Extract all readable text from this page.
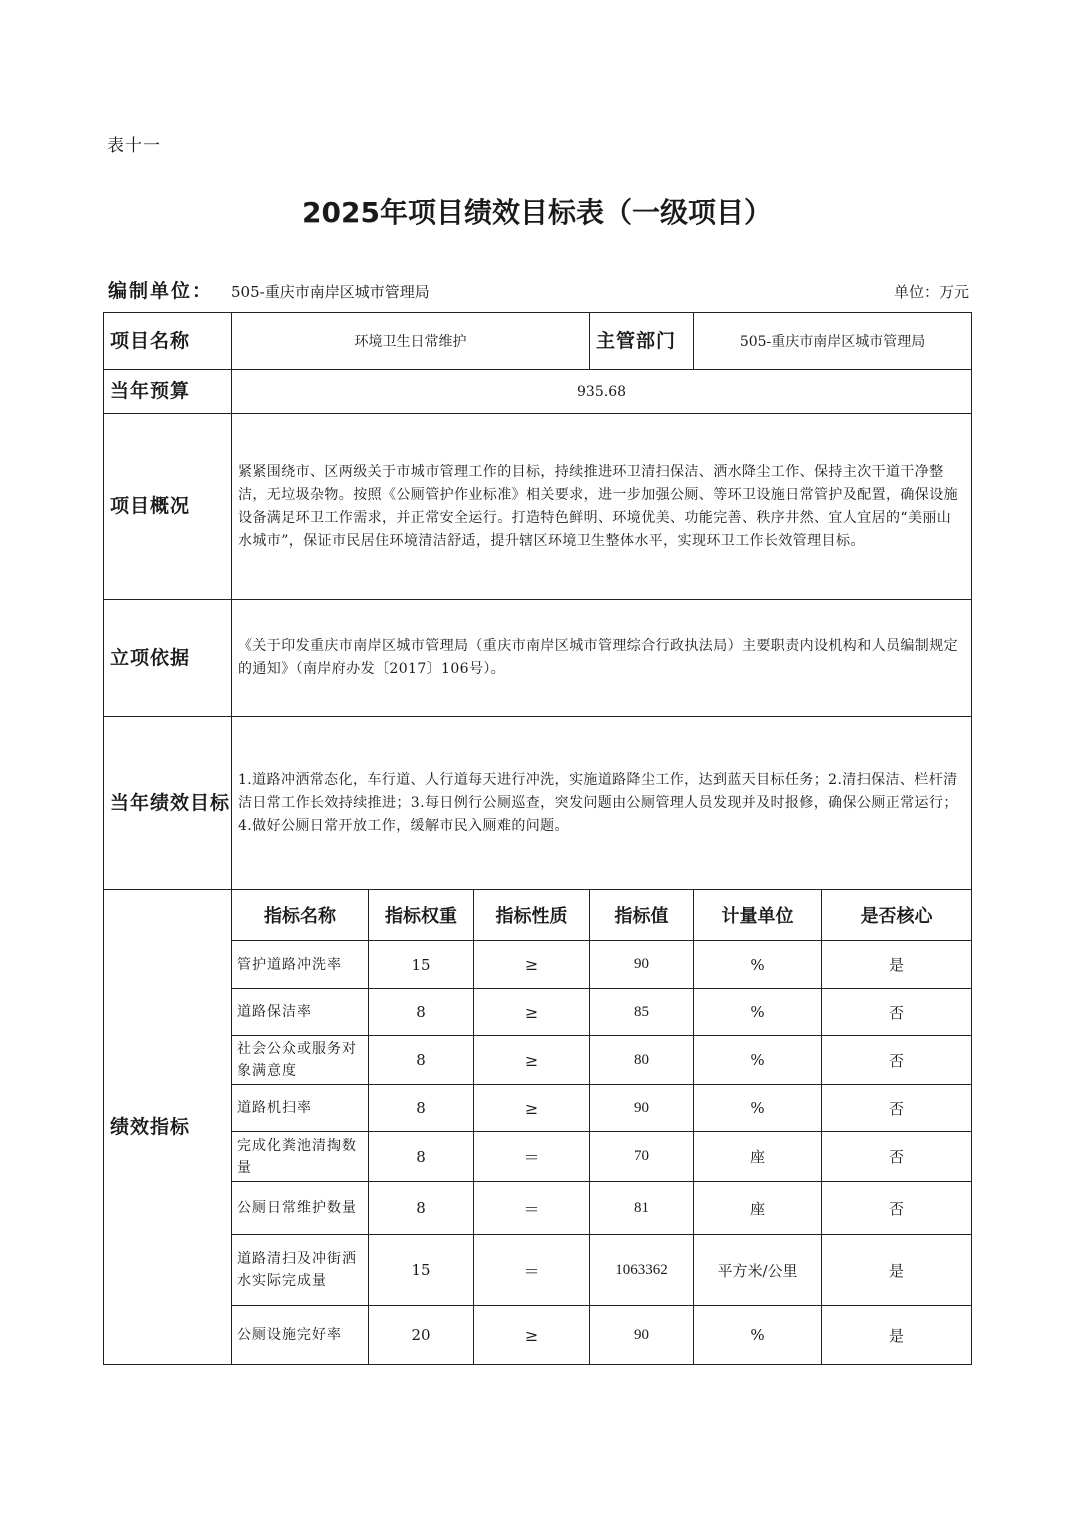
表十一
2025年项目绩效目标表（一级项目）
编制单位： 505-重庆市南岸区城市管理局	单位：万元
项目名称	环境卫生日常维护			主管部门	505-重庆市南岸区城市管理局	
当年预算	935.68					
项目概况	紧紧围绕市、区两级关于市城市管理工作的目标，持续推进环卫清扫保洁、洒水降尘工作、保持主次干道干净整洁，无垃圾杂物。按照《公厕管护作业标准》相关要求，进一步加强公厕、等环卫设施日常管护及配置，确保设施设备满足环卫工作需求，并正常安全运行。打造特色鲜明、环境优美、功能完善、秩序井然、宜人宜居的“美丽山水城市”，保证市民居住环境清洁舒适，提升辖区环境卫生整体水平，实现环卫工作长效管理目标。					
立项依据	《关于印发重庆市南岸区城市管理局（重庆市南岸区城市管理综合行政执法局）主要职责内设机构和人员编制规定的通知》（南岸府办发〔2017〕106号）。					
当年绩效目标	1.道路冲洒常态化，车行道、人行道每天进行冲洗，实施道路降尘工作，达到蓝天目标任务；2.清扫保洁、栏杆清洁日常工作长效持续推进；3.每日例行公厕巡查，突发问题由公厕管理人员发现并及时报修，确保公厕正常运行；4.做好公厕日常开放工作，缓解市民入厕难的问题。					
绩效指标	指标名称	指标权重	指标性质	指标值	计量单位	是否核心
	管护道路冲洗率	15	≥	90	%	是
	道路保洁率	8	≥	85	%	否
	社会公众或服务对象满意度	8	≥	80	%	否
	道路机扫率	8	≥	90	%	否
	完成化粪池清掏数量	8	＝	70	座	否
	公厕日常维护数量	8	＝	81	座	否
	道路清扫及冲街洒水实际完成量	15	＝	1063362	平方米/公里	是
	公厕设施完好率	20	≥	90	%	是
